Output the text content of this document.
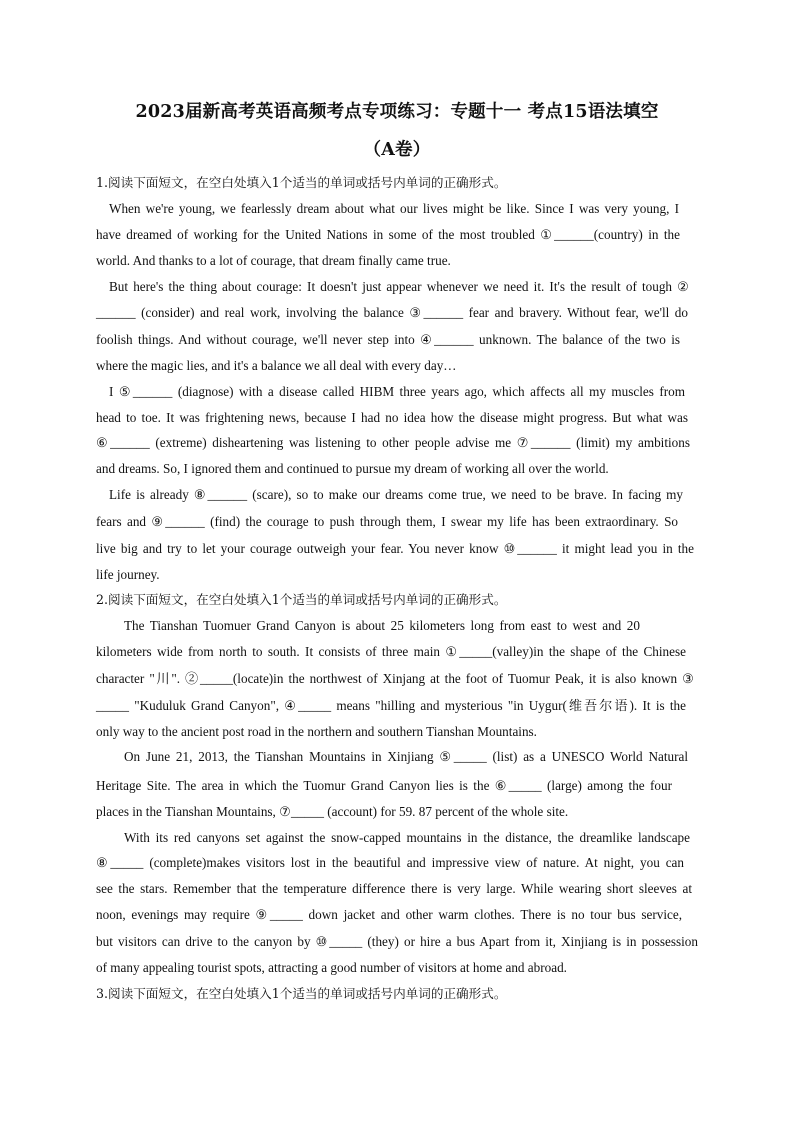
2023届新高考英语高频考点专项练习：专题十一 考点15语法填空
（A卷）
1.阅读下面短文，在空白处填入1个适当的单词或括号内单词的正确形式。
When we're young, we fearlessly dream about what our lives might be like. Since I was very young, I
have dreamed of working for the United Nations in some of the most troubled ①______(country) in the
world. And thanks to a lot of courage, that dream finally came true.
But here's the thing about courage: It doesn't just appear whenever we need it. It's the result of tough ②
______ (consider) and real work, involving the balance ③______ fear and bravery. Without fear, we'll do
foolish things. And without courage, we'll never step into ④______ unknown. The balance of the two is
where the magic lies, and it's a balance we all deal with every day…
I ⑤______ (diagnose) with a disease called HIBM three years ago, which affects all my muscles from
head to toe. It was frightening news, because I had no idea how the disease might progress. But what was
⑥______ (extreme) disheartening was listening to other people advise me ⑦______ (limit) my ambitions
and dreams. So, I ignored them and continued to pursue my dream of working all over the world.
Life is already ⑧______ (scare), so to make our dreams come true, we need to be brave. In facing my
fears and ⑨______ (find) the courage to push through them, I swear my life has been extraordinary. So
live big and try to let your courage outweigh your fear. You never know ⑩______ it might lead you in the
life journey.
2.阅读下面短文，在空白处填入1个适当的单词或括号内单词的正确形式。
The Tianshan Tuomuer Grand Canyon is about 25 kilometers long from east to west and 20
kilometers wide from north to south. It consists of three main ①_____(valley)in the shape of the Chinese
character "川". ②_____(locate)in the northwest of Xinjang at the foot of Tuomur Peak, it is also known ③
_____ "Kuduluk Grand Canyon", ④_____ means "hilling and mysterious "in Uygur(维吾尔语). It is the
only way to the ancient post road in the northern and southern Tianshan Mountains.
On June 21, 2013, the Tianshan Mountains in Xinjiang ⑤_____ (list) as a UNESCO World Natural
Heritage Site. The area in which the Tuomur Grand Canyon lies is the ⑥_____ (large) among the four
places in the Tianshan Mountains, ⑦_____ (account) for 59. 87 percent of the whole site.
With its red canyons set against the snow-capped mountains in the distance, the dreamlike landscape
⑧_____ (complete)makes visitors lost in the beautiful and impressive view of nature. At night, you can
see the stars. Remember that the temperature difference there is very large. While wearing short sleeves at
noon, evenings may require ⑨_____ down jacket and other warm clothes. There is no tour bus service,
but visitors can drive to the canyon by ⑩_____ (they) or hire a bus Apart from it, Xinjiang is in possession
of many appealing tourist spots, attracting a good number of visitors at home and abroad.
3.阅读下面短文，在空白处填入1个适当的单词或括号内单词的正确形式。
